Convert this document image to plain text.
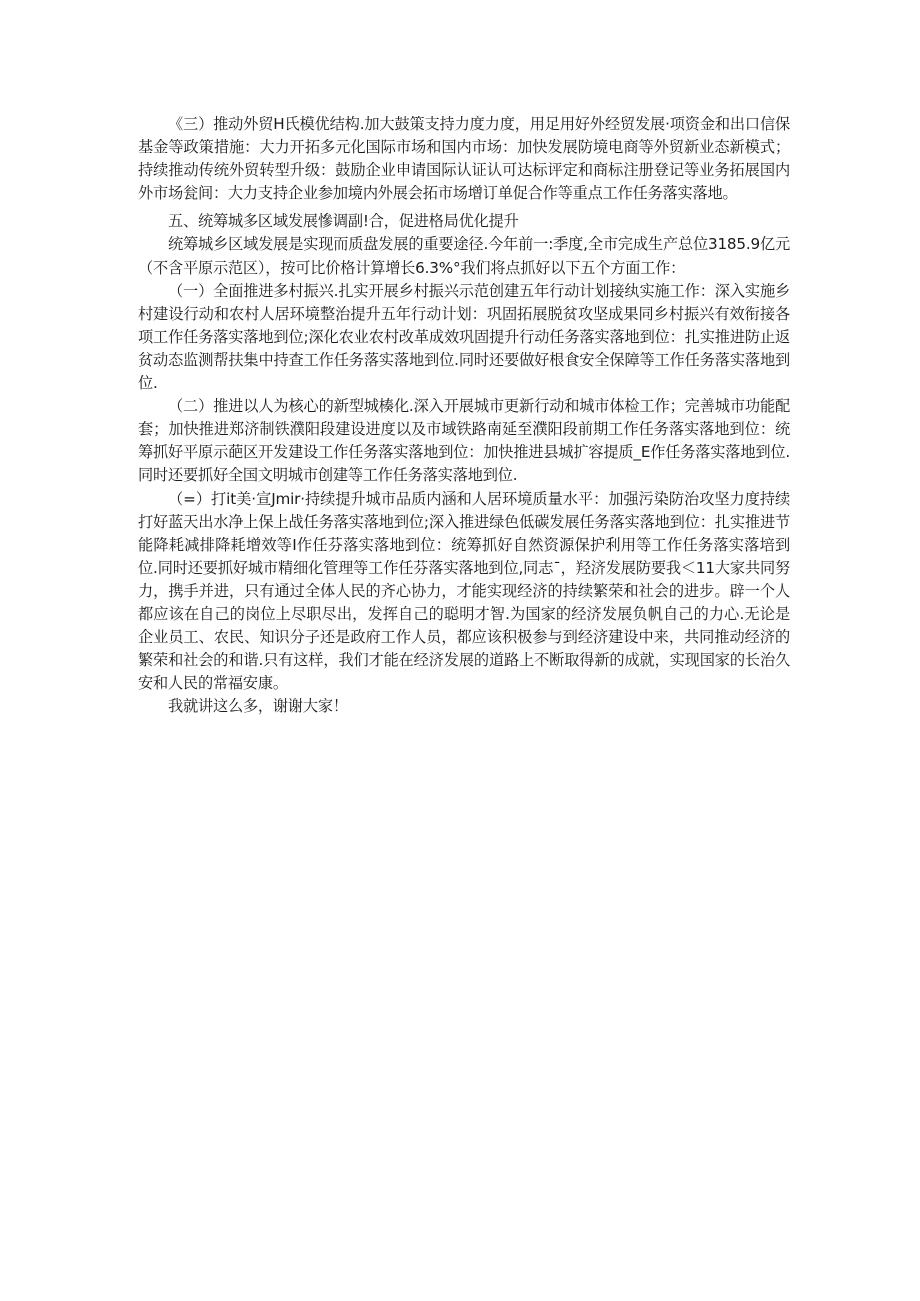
《三）推动外贸H氏模优结构.加大鼓策支持力度力度，用足用好外经贸发展·项资金和出口信保基金等政策措施：大力开拓多元化国际市场和国内市场：加快发展防境电商等外贸新业态新模式；持续推动传统外贸转型升级：鼓励企业申请国际认证认可达标评定和商标注册登记等业务拓展国内外市场瓮间：大力支持企业参加境内外展会拓市场增订单促合作等重点工作任务落实落地。

五、统筹城多区域发展慘调副!合，促进格局优化提升

统筹城乡区域发展是实现而质盘发展的重要途径.今年前一:季度,全市完成生产总位3185.9亿元（不含平原示范区），按可比价格计算增长6.3%°我们将点抓好以下五个方面工作：

（一）全面推进多村振兴.扎实开展乡村振兴示范创建五年行动计划接纨实施工作：深入实施乡村建设行动和农村人居环境整治提升五年行动计划：巩固拓展脱贫攻坚成果同乡村振兴有效衔接各项工作任务落实落地到位;深化农业农村改革成效巩固提升行动任务落实落地到位：扎实推进防止返贫动态监测帮扶集中持查工作任务落实落地到位.同时还要做好根食安全保障等工作任务落实落地到位.

（二）推进以人为核心的新型城楱化.深入开展城市更新行动和城市体检工作；完善城市功能配套；加快推进郑济制铁濮阳段建设进度以及市域铁路南延至濮阳段前期工作任务落实落地到位：统筹抓好平原示葩区开发建设工作任务落实落地到位：加快推进县城扩容提质_E作任务落实落地到位.同时还要抓好全国文明城市创建等工作任务落实落地到位.

（=）打it美·宣Jmir·持续提升城市品质内涵和人居环境质量水平：加强污染防治攻坚力度持续打好蓝天出水净上保上战任务落实落地到位;深入推进绿色低碳发展任务落实落地到位：扎实推进节能降耗减排降耗增效等I作任芬落实落地到位：统筹抓好自然资源保护利用等工作任务落实落培到位.同时还要抓好城市精细化管理等工作任芬落实落地到位,同志¯，羟济发展防要我＜11大家共同努力，携手并进，只有通过全体人民的齐心协力，才能实现经济的持续繁荣和社会的进步。辟一个人都应该在自己的岗位上尽职尽出，发挥自己的聪明才智.为国家的经济发展负帆自己的力心.无论是企业员工、农民、知识分子还是政府工作人员，都应该积极参与到经济建设中来，共同推动经济的繁荣和社会的和谐.只有这样，我们才能在经济发展的道路上不断取得新的成就，实现国家的长治久安和人民的常福安康。

我就讲这么多，谢谢大家！
